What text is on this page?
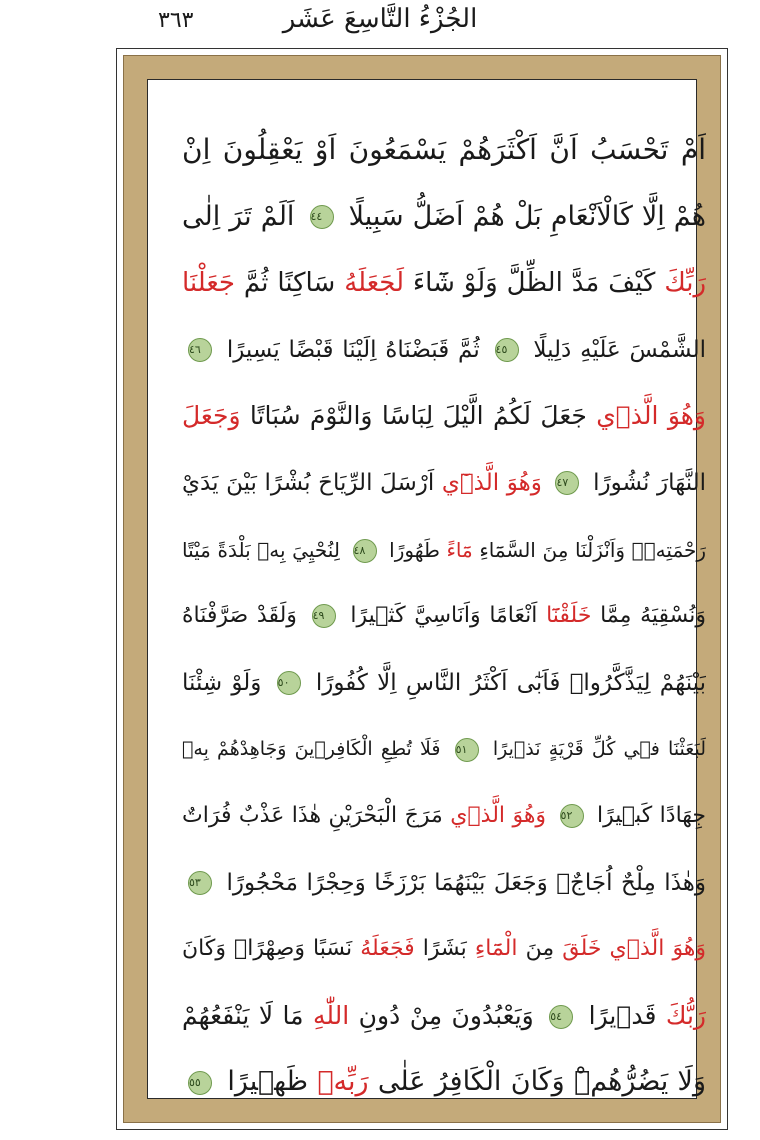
٣٦٣	الجُزْءُ التَّاسِعَ عَشَر
اَمْ تَحْسَبُ اَنَّ اَكْثَرَهُمْ يَسْمَعُونَ اَوْ يَعْقِلُونَ اِنْ
هُمْ اِلَّا كَالْاَنْعَامِ بَلْ هُمْ اَضَلُّ سَبِيلًا ٤٤ اَلَمْ تَرَ اِلٰى
رَبِّكَ كَيْفَ مَدَّ الظِّلَّ وَلَوْ شَٓاءَ لَجَعَلَهُ سَاكِنًا ثُمَّ جَعَلْنَا
الشَّمْسَ عَلَيْهِ دَلِيلًا ٤٥ ثُمَّ قَبَضْنَاهُ اِلَيْنَا قَبْضًا يَسِيرًا ٤٦
وَهُوَ الَّذ۪ي جَعَلَ لَكُمُ الَّيْلَ لِبَاسًا وَالنَّوْمَ سُبَاتًا وَجَعَلَ
النَّهَارَ نُشُورًا ٤٧ وَهُوَ الَّذ۪ٓي اَرْسَلَ الرِّيَاحَ بُشْرًا بَيْنَ يَدَيْ
رَحْمَتِه۪ۚ وَاَنْزَلْنَا مِنَ السَّمَٓاءِ مَٓاءً طَهُورًا ٤٨ لِنُحْيِيَ بِه۪ بَلْدَةً مَيْتًا
وَنُسْقِيَهُ مِمَّا خَلَقْنَٓا اَنْعَامًا وَاَنَاسِيَّ كَث۪يرًا ٤٩ وَلَقَدْ صَرَّفْنَاهُ
بَيْنَهُمْ لِيَذَّكَّرُواۘ فَاَبٰٓى اَكْثَرُ النَّاسِ اِلَّا كُفُورًا ٥٠ وَلَوْ شِئْنَا
لَبَعَثْنَا ف۪ي كُلِّ قَرْيَةٍ نَذ۪يرًا ٥١ فَلَا تُطِعِ الْكَافِر۪ينَ وَجَاهِدْهُمْ بِه۪
جِهَادًا كَب۪يرًا ٥٢ وَهُوَ الَّذ۪ي مَرَجَ الْبَحْرَيْنِ هٰذَا عَذْبٌ فُرَاتٌ
وَهٰذَا مِلْحٌ اُجَاجٌۚ وَجَعَلَ بَيْنَهُمَا بَرْزَخًا وَحِجْرًا مَحْجُورًا ٥٣
وَهُوَ الَّذ۪ي خَلَقَ مِنَ الْمَٓاءِ بَشَرًا فَجَعَلَهُ نَسَبًا وَصِهْرًاۜ وَكَانَ
رَبُّكَ قَد۪يرًا ٥٤ وَيَعْبُدُونَ مِنْ دُونِ اللّٰهِ مَا لَا يَنْفَعُهُمْ
وَلَا يَضُرُّهُمْۜ وَكَانَ الْكَافِرُ عَلٰى رَبِّه۪ ظَه۪يرًا ٥٥
